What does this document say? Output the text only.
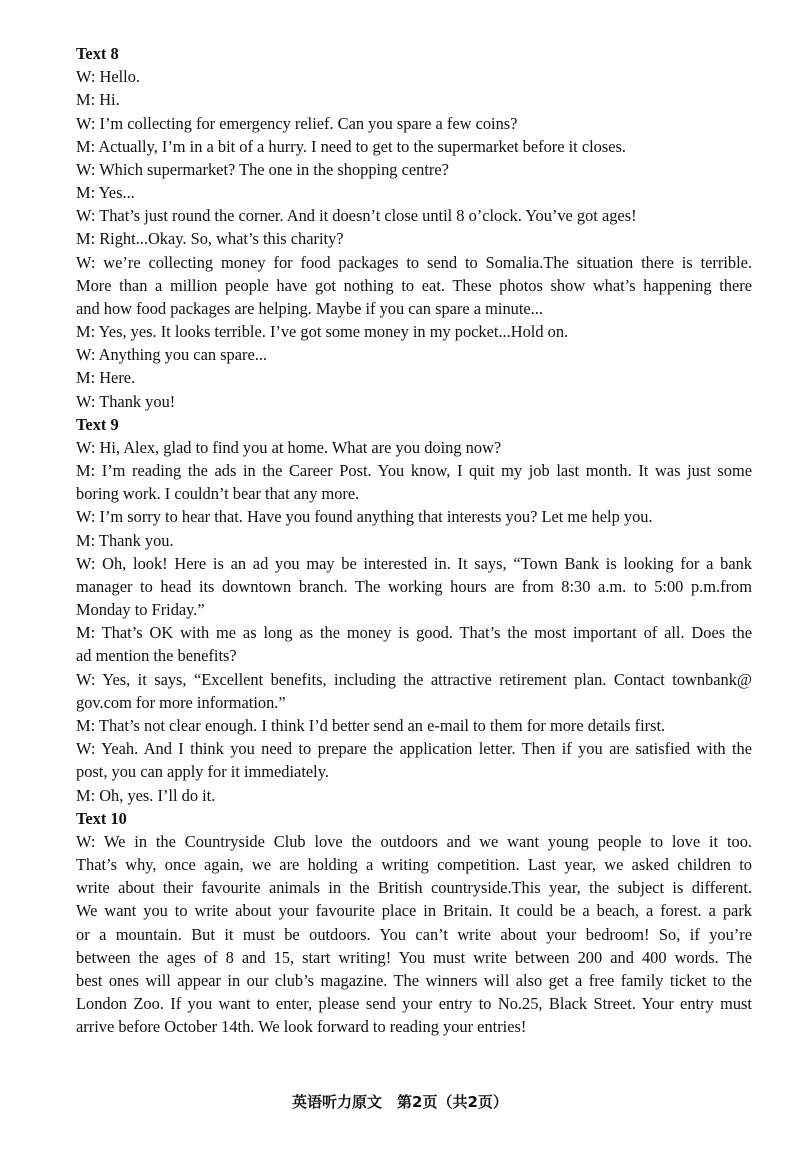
Text 8
W: Hello.
M: Hi.
W: I’m collecting for emergency relief. Can you spare a few coins?
M: Actually, I’m in a bit of a hurry. I need to get to the supermarket before it closes.
W: Which supermarket? The one in the shopping centre?
M: Yes...
W: That’s just round the corner. And it doesn’t close until 8 o’clock. You’ve got ages!
M: Right...Okay. So, what’s this charity?
W: we’re collecting money for food packages to send to Somalia.The situation there is terrible.
More than a million people have got nothing to eat. These photos show what’s happening there
and how food packages are helping. Maybe if you can spare a minute...
M: Yes, yes. It looks terrible. I’ve got some money in my pocket...Hold on.
W: Anything you can spare...
M: Here.
W: Thank you!
Text 9
W: Hi, Alex, glad to find you at home. What are you doing now?
M: I’m reading the ads in the Career Post. You know, I quit my job last month. It was just some
boring work. I couldn’t bear that any more.
W: I’m sorry to hear that. Have you found anything that interests you? Let me help you.
M: Thank you.
W: Oh, look! Here is an ad you may be interested in. It says, “Town Bank is looking for a bank
manager to head its downtown branch. The working hours are from 8:30 a.m. to 5:00 p.m.from
Monday to Friday.”
M: That’s OK with me as long as the money is good. That’s the most important of all. Does the
ad mention the benefits?
W: Yes, it says, “Excellent benefits, including the attractive retirement plan. Contact townbank@
gov.com for more information.”
M: That’s not clear enough. I think I’d better send an e-mail to them for more details first.
W: Yeah. And I think you need to prepare the application letter. Then if you are satisfied with the
post, you can apply for it immediately.
M: Oh, yes. I’ll do it.
Text 10
W: We in the Countryside Club love the outdoors and we want young people to love it too.
That’s why, once again, we are holding a writing competition. Last year, we asked children to
write about their favourite animals in the British countryside.This year, the subject is different.
We want you to write about your favourite place in Britain. It could be a beach, a forest. a park
or a mountain. But it must be outdoors. You can’t write about your bedroom! So, if you’re
between the ages of 8 and 15, start writing! You must write between 200 and 400 words. The
best ones will appear in our club’s magazine. The winners will also get a free family ticket to the
London Zoo. If you want to enter, please send your entry to No.25, Black Street. Your entry must
arrive before October 14th. We look forward to reading your entries!
英语听力原文　第2页（共2页）
